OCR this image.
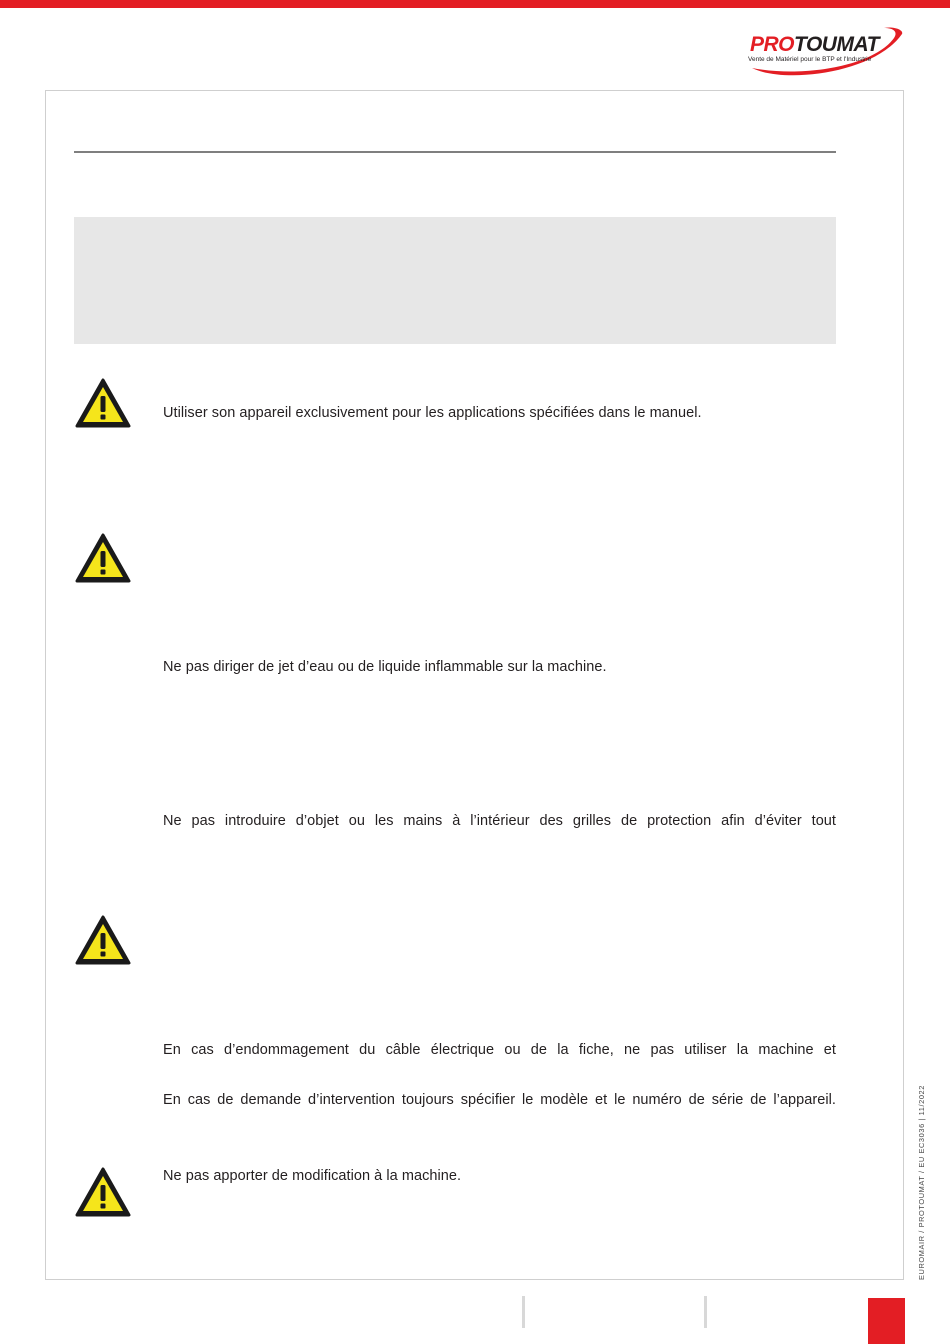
PROTOUMAT
Vente de Matériel pour le BTP et l'Industrie
Utiliser son appareil exclusivement pour les applications spécifiées dans le manuel.
Ne pas diriger de jet d’eau ou de liquide inflammable sur la machine.
Ne pas introduire d’objet ou les mains à l’intérieur des grilles de protection afin d’éviter tout
En cas d’endommagement du câble électrique ou de la fiche, ne pas utiliser la machine et
En cas de demande d’intervention toujours spécifier le modèle et le numéro de série de l’appareil.
Ne pas apporter de modification à la machine.	EUROMAIR / PROTOUMAT / EU EC3036 | 11/2022
